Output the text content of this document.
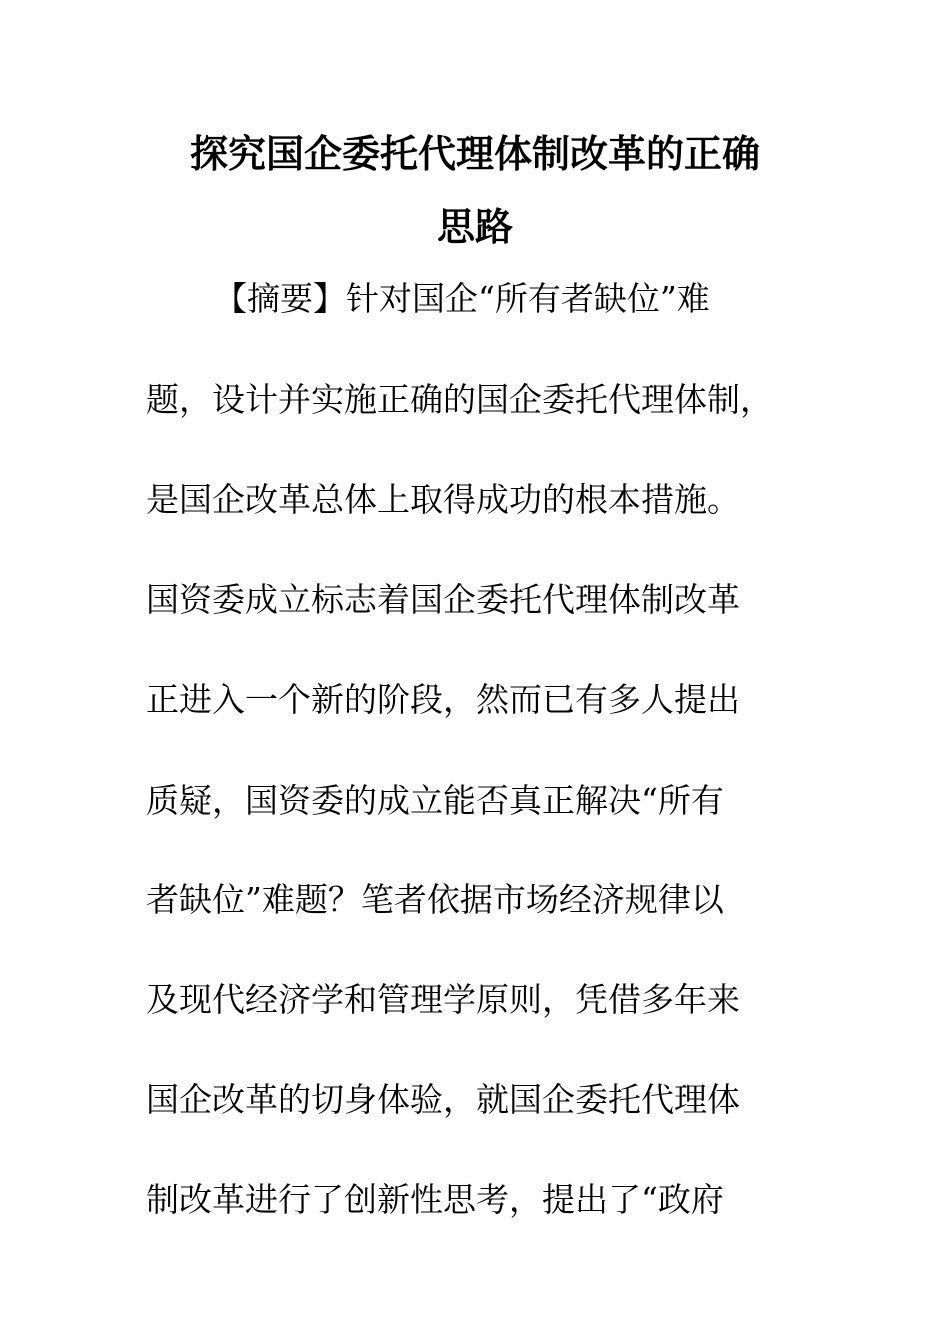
探究国企委托代理体制改革的正确
思路

【摘要】针对国企“所有者缺位”难

题，设计并实施正确的国企委托代理体制，

是国企改革总体上取得成功的根本措施。

国资委成立标志着国企委托代理体制改革

正进入一个新的阶段，然而已有多人提出

质疑，国资委的成立能否真正解决“所有

者缺位”难题？笔者依据市场经济规律以

及现代经济学和管理学原则，凭借多年来

国企改革的切身体验，就国企委托代理体

制改革进行了创新性思考，提出了“政府
